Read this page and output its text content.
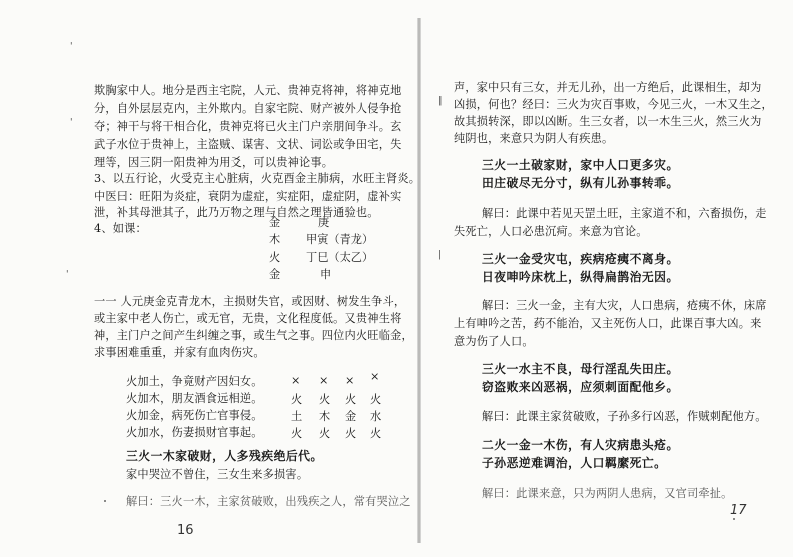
'
'
'
欺胸家中人。地分是西主宅院，人元、贵神克将神，将神克地
分，自外层层克内，主外欺内。自家宅院、财产被外人侵争抢
夺；神干与将干相合化，贵神克将已火主门户亲朋间争斗。玄
武子水位于贵神上，主盗贼、谋害、文状、词讼或争田宅，失
理等，因三阴一阳贵神为用爻，可以贵神论事。
3、以五行论，火受克主心脏病，火克酉金主肺病，水旺主肾炎。
中医曰：旺阳为炎症，衰阴为虚症，实症阳，虚症阴，虚补实
泄，补其母泄其子，此乃万物之理与自然之理皆通验也。
4、如课：	金	庚
木 甲寅（青龙）
火 丁巳（太乙）
金	申
一一 人元庚金克青龙木，主损财失官，或因财、树发生争斗，
或主家中老人伤亡，或无官，无贵，文化程度低。又贵神生将
神，主门户之间产生纠缠之事，或生气之事。四位内火旺临金，
求事困难重重，并家有血肉伤灾。
火加土，争竟财产因妇女。	× × × ×
火加木，朋友酒食远相逆。	火 火 火 火
火加金，病死伤亡官事侵。	土 木 金 水
火加水，伤妻损财官事起。	火 火 火 火
三火一木家破财，人多残疾绝后代。
家中哭泣不曾住，三女生来多损害。
解曰：三火一木，主家贫破败，出残疾之人，常有哭泣之
16
‖
|
声，家中只有三女，并无儿孙，出一方绝后，此课相生，却为
凶损，何也？经曰：三火为灾百事败，今见三火，一木又生之，
故其损转深，即以凶断。生三女者，以一木生三火，然三火为
纯阴也，来意只为阴人有疾患。
三火一土破家财，家中人口更多灾。
田庄破尽无分寸，纵有儿孙事转乖。
解曰：此课中若见天罡土旺，主家道不和，六畜损伤，走
失死亡，人口必患沉疴。来意为官论。
三火一金受灾屯，疾病疮痍不离身。
日夜呻吟床枕上，纵得扁鹊治无因。
解曰：三火一金，主有大灾，人口患病，疮痍不休，床席
上有呻吟之苦，药不能治，又主死伤人口，此课百事大凶。来
意为伤了人口。
三火一水主不良，母行淫乱失田庄。
窃盗败来凶恶祸，应须刺面配他乡。
解曰：此课主家贫破败，子孙多行凶恶，作贼刺配他方。
二火一金一木伤，有人灾病患头疮。
子孙恶逆难调治，人口羁縻死亡。
解曰：此课来意，只为两阴人患病，又官司牵扯。
17
